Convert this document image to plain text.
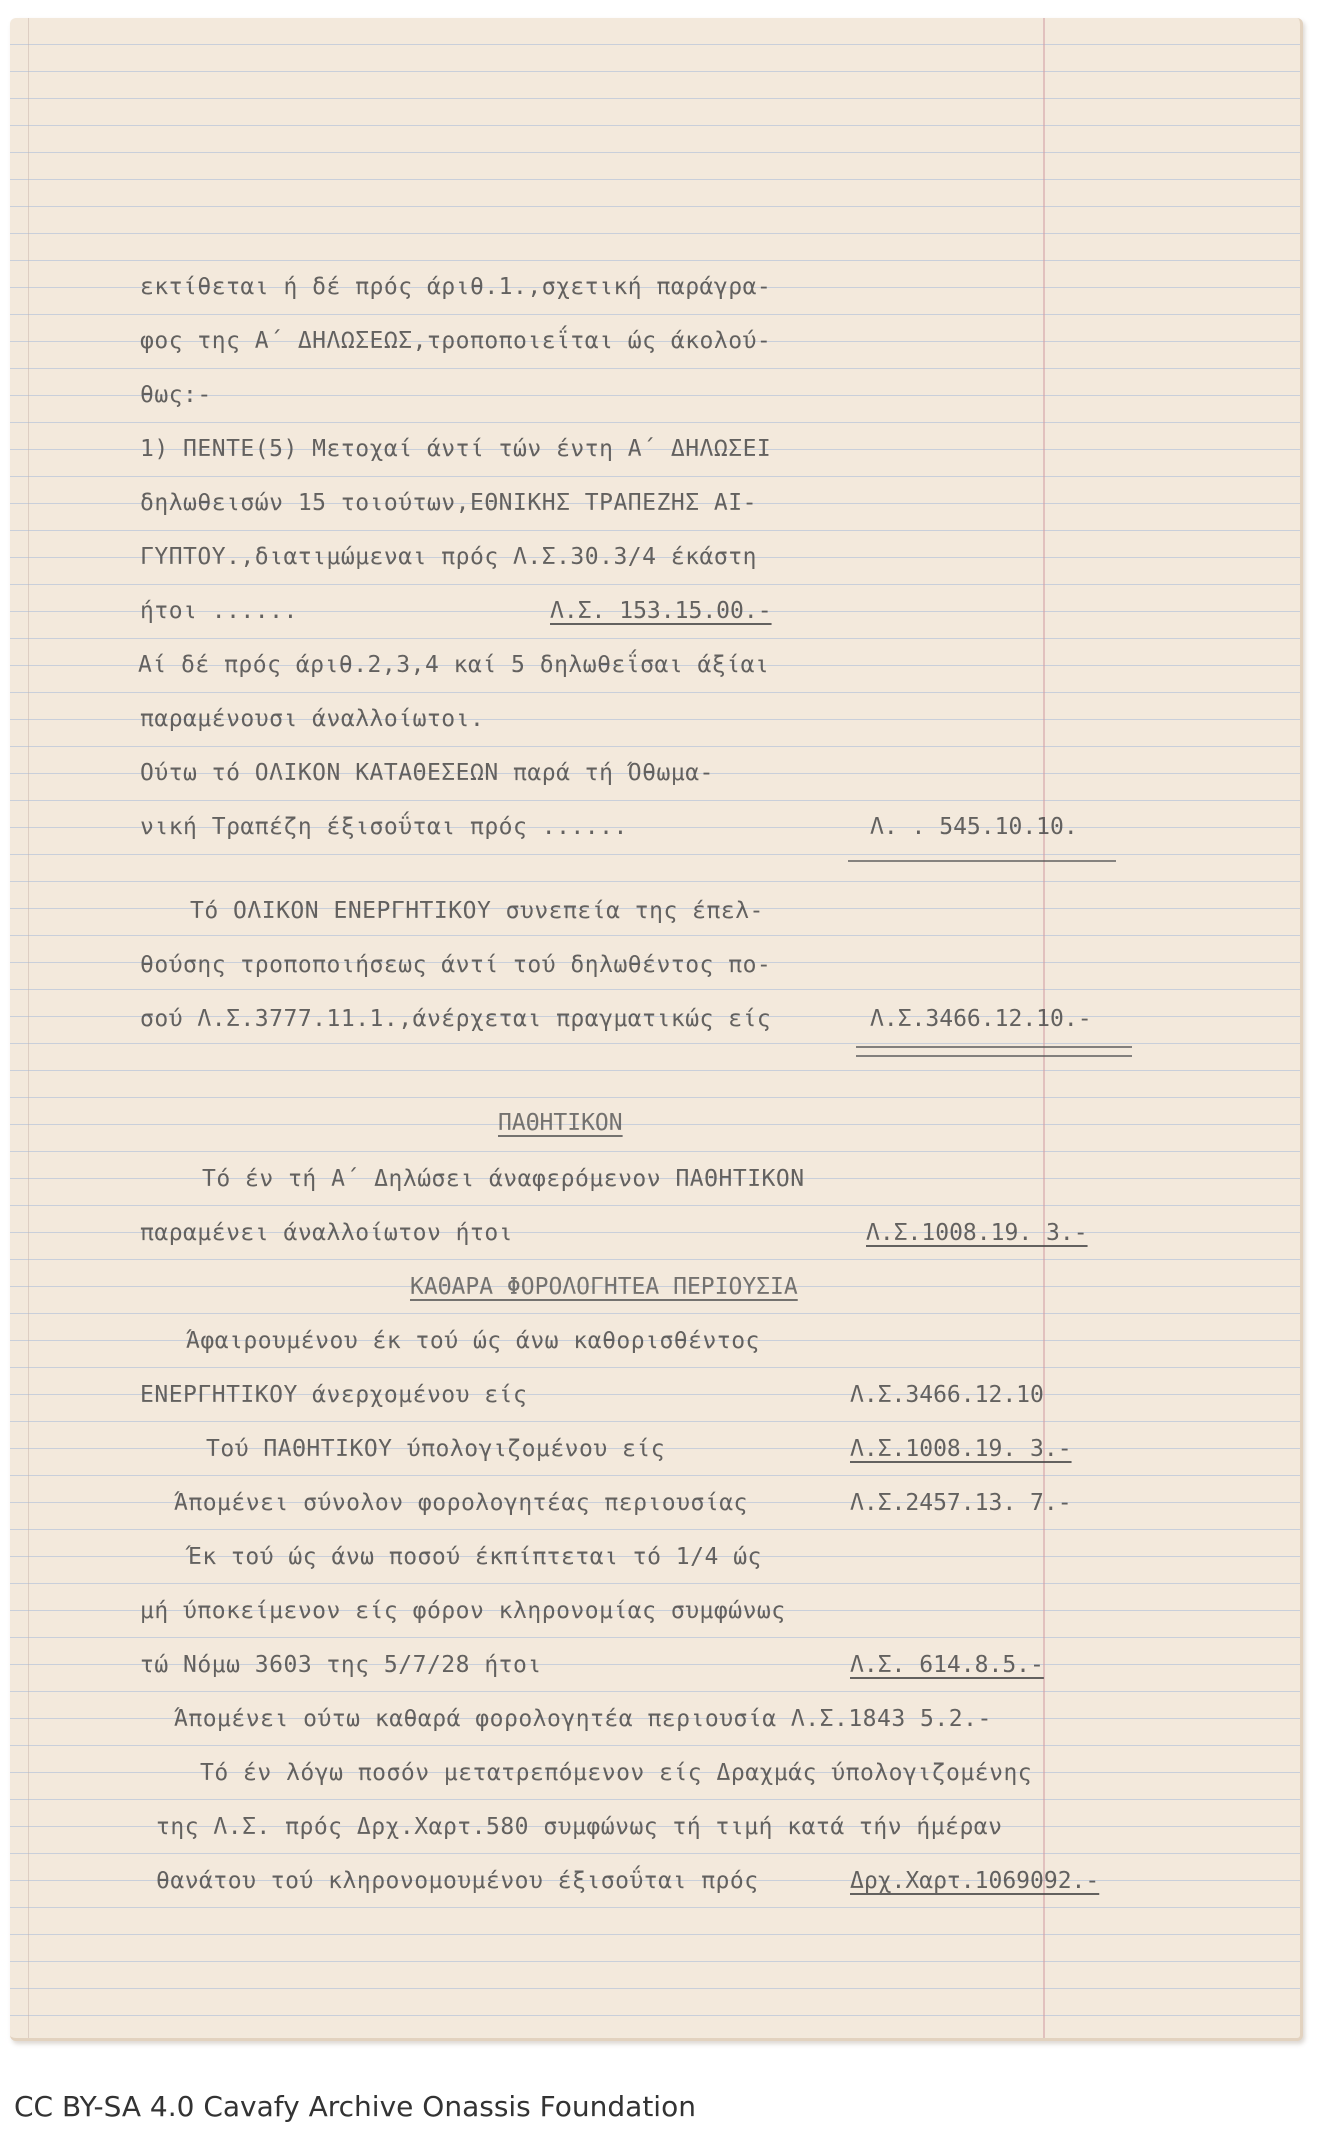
εκτίθεται ή δέ πρός άριθ.1.,σχετική παράγρα-
φος της Α΄ ΔΗΛΩΣΕΩΣ,τροποποιεΐται ώς άκολού-
θως:-
1) ΠΕΝΤΕ(5) Μετοχαί άντί τών έντη Α΄ ΔΗΛΩΣΕΙ
δηλωθεισών 15 τοιούτων,ΕΘΝΙΚΗΣ ΤΡΑΠΕΖΗΣ ΑΙ-
ΓΥΠΤΟΥ.,διατιμώμεναι πρός Λ.Σ.30.3/4 έκάστη
ήτοι ......	Λ.Σ. 153.15.00.-
Αί δέ πρός άριθ.2,3,4 καί 5 δηλωθεΐσαι άξίαι
παραμένουσι άναλλοίωτοι.
Ούτω τό ΟΛΙΚΟΝ ΚΑΤΑΘΕΣΕΩΝ παρά τή Όθωμα-
νική Τραπέζη έξισοΰται πρός ......	Λ. . 545.10.10.
Τό ΟΛΙΚΟΝ ΕΝΕΡΓΗΤΙΚΟΥ συνεπεία της έπελ-
θούσης τροποποιήσεως άντί τού δηλωθέντος πο-
σού Λ.Σ.3777.11.1.,άνέρχεται πραγματικώς είς	Λ.Σ.3466.12.10.-
ΠΑΘΗΤΙΚΟΝ
Τό έν τή Α΄ Δηλώσει άναφερόμενον ΠΑΘΗΤΙΚΟΝ
παραμένει άναλλοίωτον ήτοι	Λ.Σ.1008.19. 3.-
ΚΑΘΑΡΑ ΦΟΡΟΛΟΓΗΤΕΑ ΠΕΡΙΟΥΣΙΑ
Άφαιρουμένου έκ τού ώς άνω καθορισθέντος
ΕΝΕΡΓΗΤΙΚΟΥ άνερχομένου είς	Λ.Σ.3466.12.10
Τού ΠΑΘΗΤΙΚΟΥ ύπολογιζομένου είς	Λ.Σ.1008.19. 3.-
Άπομένει σύνολον φορολογητέας περιουσίας	Λ.Σ.2457.13. 7.-
Έκ τού ώς άνω ποσού έκπίπτεται τό 1/4 ώς
μή ύποκείμενον είς φόρον κληρονομίας συμφώνως
τώ Νόμω 3603 της 5/7/28 ήτοι	Λ.Σ. 614.8.5.-
Άπομένει ούτω καθαρά φορολογητέα περιουσία Λ.Σ.1843 5.2.-
Τό έν λόγω ποσόν μετατρεπόμενον είς Δραχμάς ύπολογιζομένης
της Λ.Σ. πρός Δρχ.Χαρτ.580 συμφώνως τή τιμή κατά τήν ήμέραν
θανάτου τού κληρονομουμένου έξισοΰται πρός	Δρχ.Χαρτ.1069092.-
CC BY-SA 4.0 Cavafy Archive Onassis Foundation
